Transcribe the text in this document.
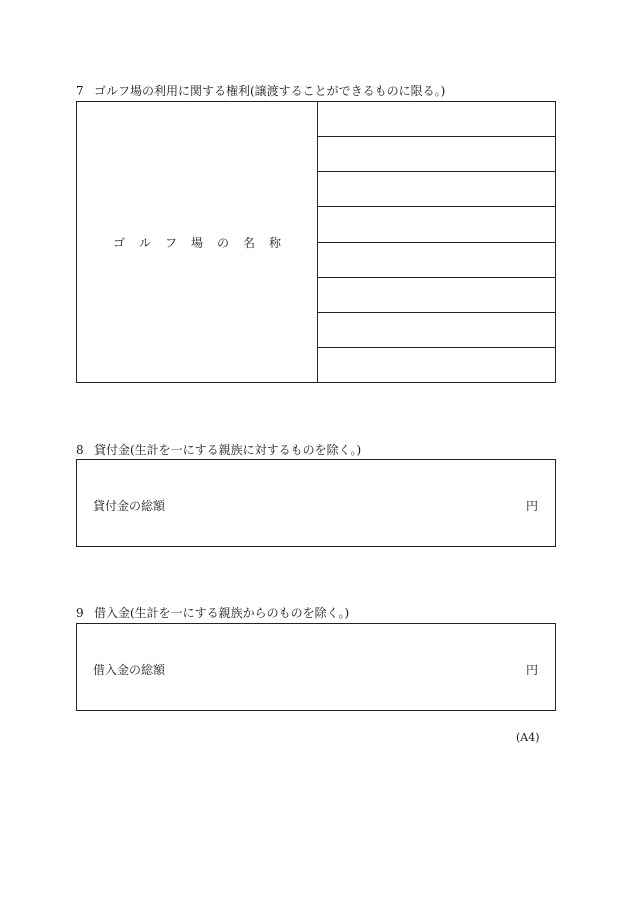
7 ゴルフ場の利用に関する権利(譲渡することができるものに限る。)
ゴルフ場の名称
8 貸付金(生計を一にする親族に対するものを除く。)
貸付金の総額	円
9 借入金(生計を一にする親族からのものを除く。)
借入金の総額	円
(A4)
